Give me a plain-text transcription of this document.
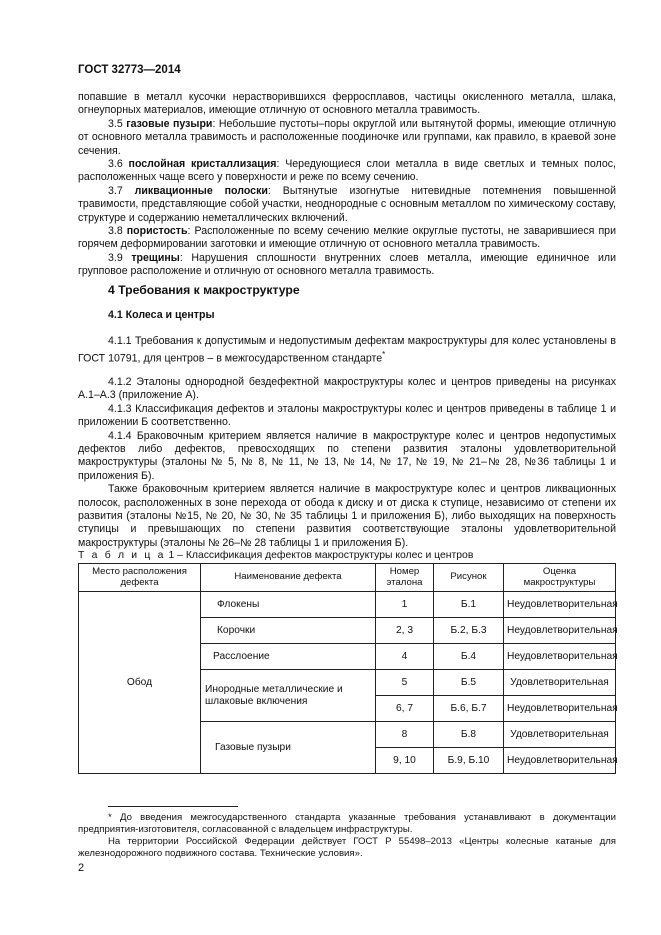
ГОСТ 32773—2014

попавшие в металл кусочки нерастворившихся ферросплавов, частицы окисленного металла, шлака, огнеупорных материалов, имеющие отличную от основного металла травимость.

3.5 газовые пузыри: Небольшие пустоты–поры округлой или вытянутой формы, имеющие отличную от основного металла травимость и расположенные поодиночке или группами, как правило, в краевой зоне сечения.

3.6 послойная кристаллизация: Чередующиеся слои металла в виде светлых и темных полос, расположенных чаще всего у поверхности и реже по всему сечению.

3.7 ликвационные полоски: Вытянутые изогнутые нитевидные потемнения повышенной травимости, представляющие собой участки, неоднородные с основным металлом по химическому составу, структуре и содержанию неметаллических включений.

3.8 пористость: Расположенные по всему сечению мелкие округлые пустоты, не заварившиеся при горячем деформировании заготовки и имеющие отличную от основного металла травимость.

3.9 трещины: Нарушения сплошности внутренних слоев металла, имеющие единичное или групповое расположение и отличную от основного металла травимость.

4 Требования к макроструктуре
4.1 Колеса и центры

4.1.1 Требования к допустимым и недопустимым дефектам макроструктуры для колес установлены в ГОСТ 10791, для центров – в межгосударственном стандарте*

4.1.2 Эталоны однородной бездефектной макроструктуры колес и центров приведены на рисунках А.1–А.3 (приложение А).

4.1.3 Классификация дефектов и эталоны макроструктуры колес и центров приведены в таблице 1 и приложении Б соответственно.

4.1.4 Браковочным критерием является наличие в макроструктуре колес и центров недопустимых дефектов либо дефектов, превосходящих по степени развития эталоны удовлетворительной макроструктуры (эталоны № 5, № 8, № 11, № 13, № 14, № 17, № 19, № 21–№ 28, №36 таблицы 1 и приложения Б).

Также браковочным критерием является наличие в макроструктуре колес и центров ликвационных полосок, расположенных в зоне перехода от обода к диску и от диска к ступице, независимо от степени их развития (эталоны №15, № 20, № 30, № 35 таблицы 1 и приложения Б), либо выходящих на поверхность ступицы и превышающих по степени развития соответствующие эталоны удовлетворительной макроструктуры (эталоны № 26–№ 28 таблицы 1 и приложения Б).

Т а б л и ц а 1 – Классификация дефектов макроструктуры колес и центров
Место расположения дефекта	Наименование дефекта	Номер эталона	Рисунок	Оценка макроструктуры
Обод	Флокены	1	Б.1	Неудовлетворительная
	Корочки	2, 3	Б.2, Б.3	Неудовлетворительная
	Расслоение	4	Б.4	Неудовлетворительная
	Инородные металлические и шлаковые включения	5	Б.5	Удовлетворительная
		6, 7	Б.6, Б.7	Неудовлетворительная
	Газовые пузыри	8	Б.8	Удовлетворительная
		9, 10	Б.9, Б.10	Неудовлетворительная

* До введения межгосударственного стандарта указанные требования устанавливают в документации предприятия-изготовителя, согласованной с владельцем инфраструктуры.

На территории Российской Федерации действует ГОСТ Р 55498–2013 «Центры колесные катаные для железнодорожного подвижного состава. Технические условия».

2
